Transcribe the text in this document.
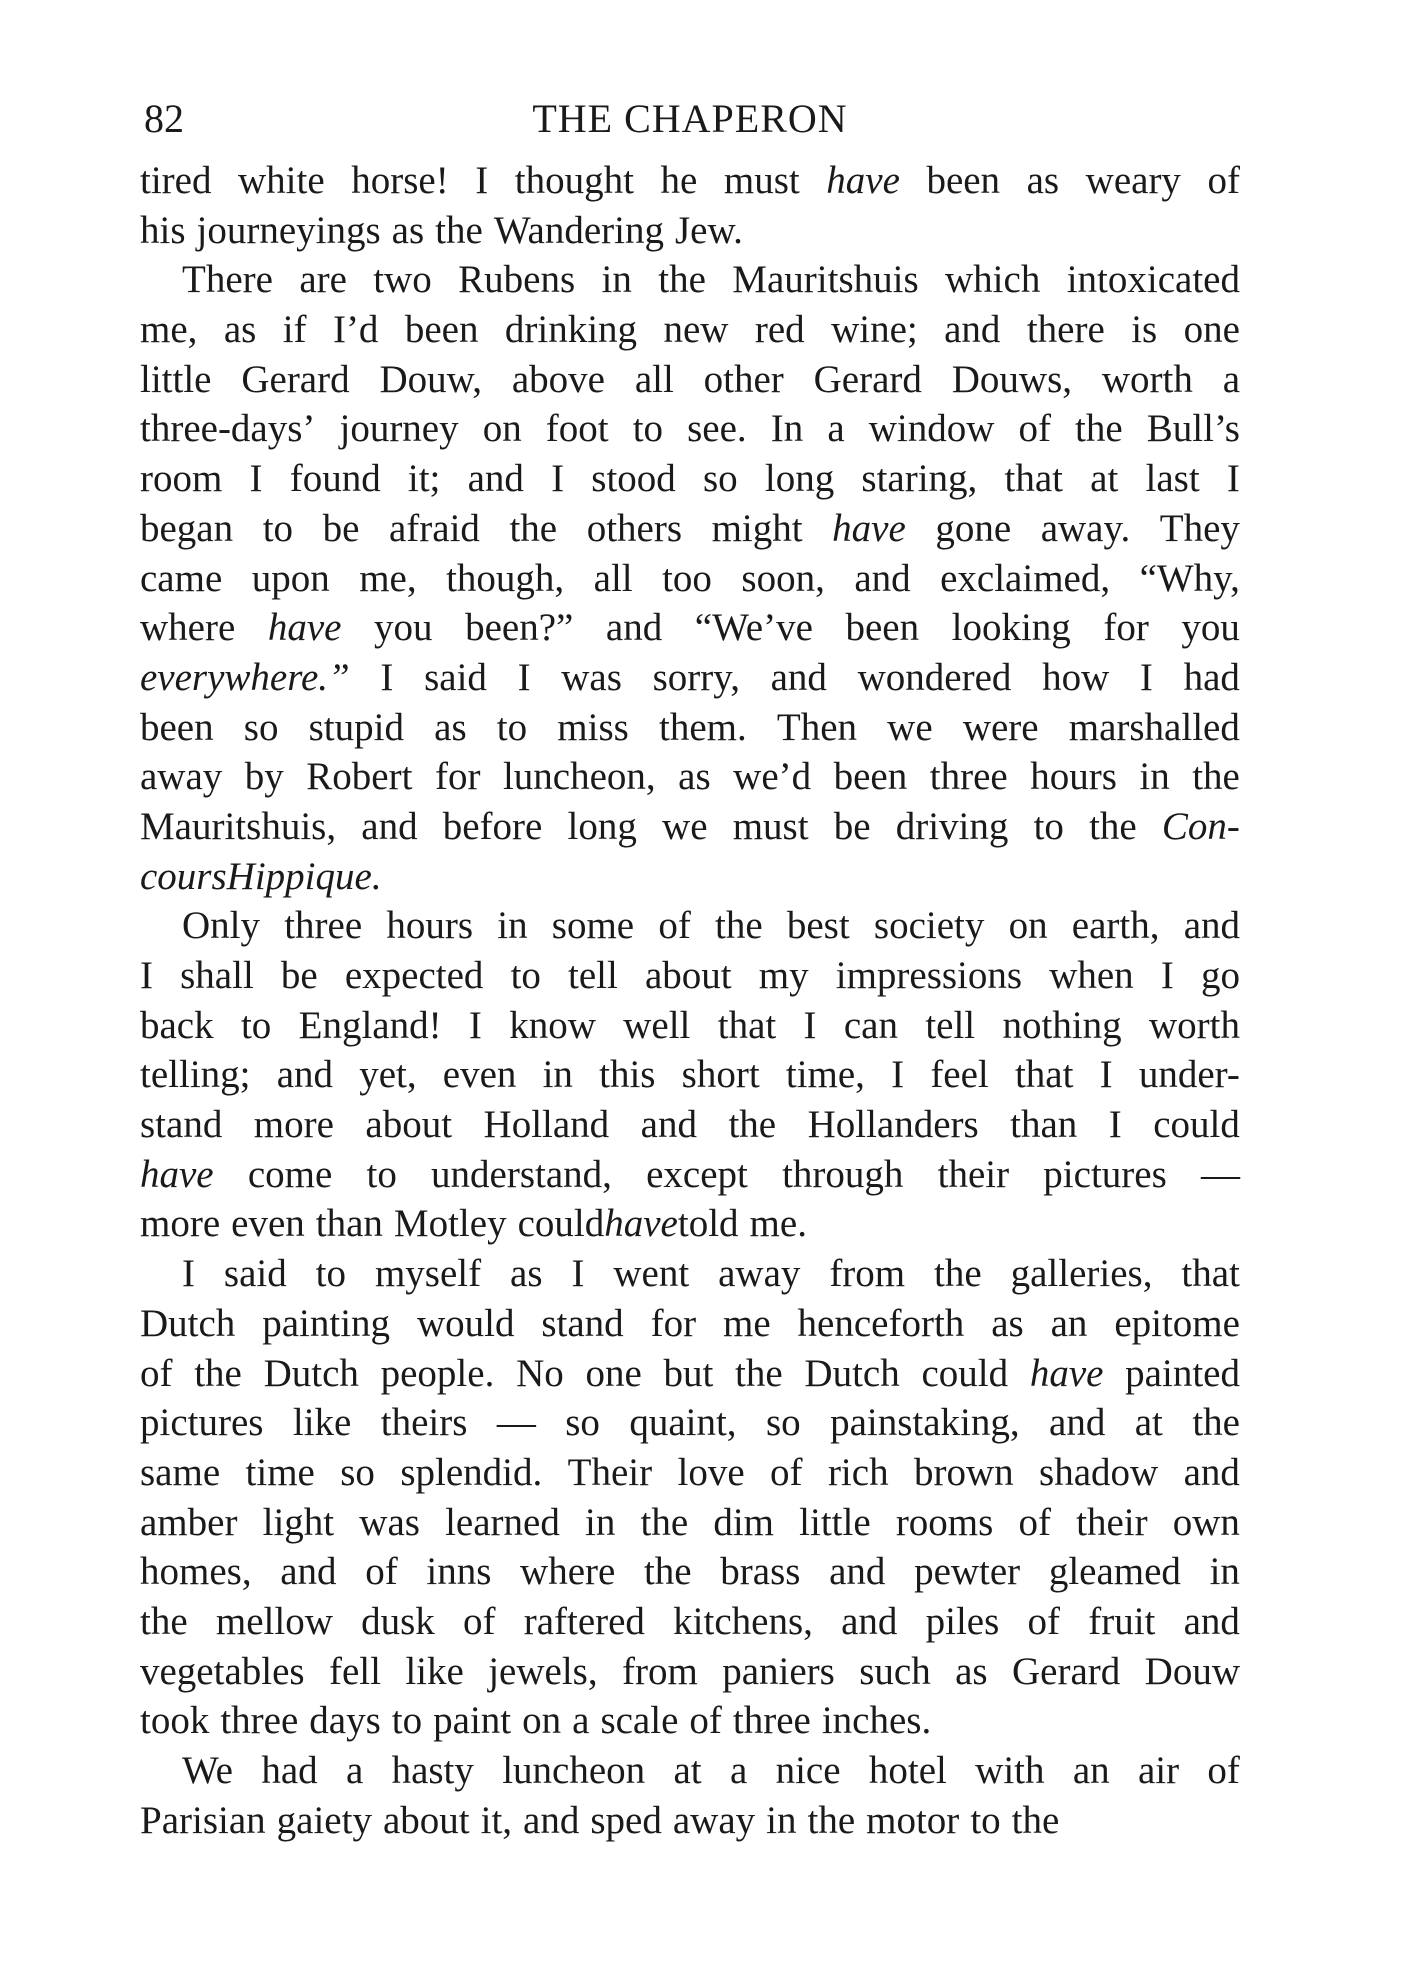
82	THE CHAPERON
tired white horse! I thought he must have been as weary of
his journeyings as the Wandering Jew.
There are two Rubens in the Mauritshuis which intoxicated
me, as if I’d been drinking new red wine; and there is one
little Gerard Douw, above all other Gerard Douws, worth a
three-days’ journey on foot to see. In a window of the Bull’s
room I found it; and I stood so long staring, that at last I
began to be afraid the others might have gone away. They
came upon me, though, all too soon, and exclaimed, “Why,
where have you been?” and “We’ve been looking for you
everywhere.” I said I was sorry, and wondered how I had
been so stupid as to miss them. Then we were marshalled
away by Robert for luncheon, as we’d been three hours in the
Mauritshuis, and before long we must be driving to the Con-
cours Hippique.
Only three hours in some of the best society on earth, and
I shall be expected to tell about my impressions when I go
back to England! I know well that I can tell nothing worth
telling; and yet, even in this short time, I feel that I under-
stand more about Holland and the Hollanders than I could
have come to understand, except through their pictures —
more even than Motley could have told me.
I said to myself as I went away from the galleries, that
Dutch painting would stand for me henceforth as an epitome
of the Dutch people. No one but the Dutch could have painted
pictures like theirs — so quaint, so painstaking, and at the
same time so splendid. Their love of rich brown shadow and
amber light was learned in the dim little rooms of their own
homes, and of inns where the brass and pewter gleamed in
the mellow dusk of raftered kitchens, and piles of fruit and
vegetables fell like jewels, from paniers such as Gerard Douw
took three days to paint on a scale of three inches.
We had a hasty luncheon at a nice hotel with an air of
Parisian gaiety about it, and sped away in the motor to the
